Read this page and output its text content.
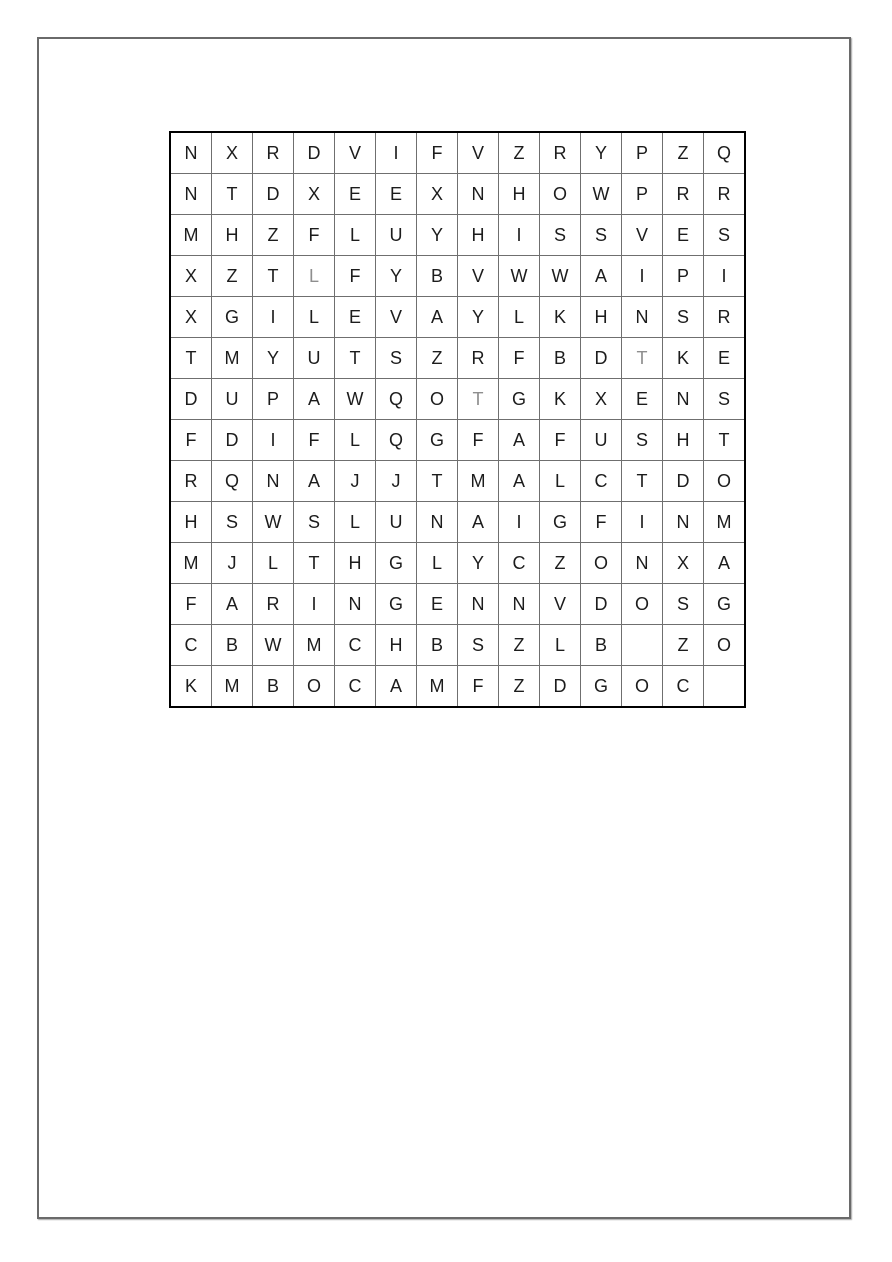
N	X	R	D	V	I	F	V	Z	R	Y	P	Z	Q
N	T	D	X	E	E	X	N	H	O	W	P	R	R
M	H	Z	F	L	U	Y	H	I	S	S	V	E	S
X	Z	T	L	F	Y	B	V	W	W	A	I	P	I
X	G	I	L	E	V	A	Y	L	K	H	N	S	R
T	M	Y	U	T	S	Z	R	F	B	D	T	K	E
D	U	P	A	W	Q	O	T	G	K	X	E	N	S
F	D	I	F	L	Q	G	F	A	F	U	S	H	T
R	Q	N	A	J	J	T	M	A	L	C	T	D	O
H	S	W	S	L	U	N	A	I	G	F	I	N	M
M	J	L	T	H	G	L	Y	C	Z	O	N	X	A
F	A	R	I	N	G	E	N	N	V	D	O	S	G
C	B	W	M	C	H	B	S	Z	L	B		Z	O
K	M	B	O	C	A	M	F	Z	D	G	O	C	
